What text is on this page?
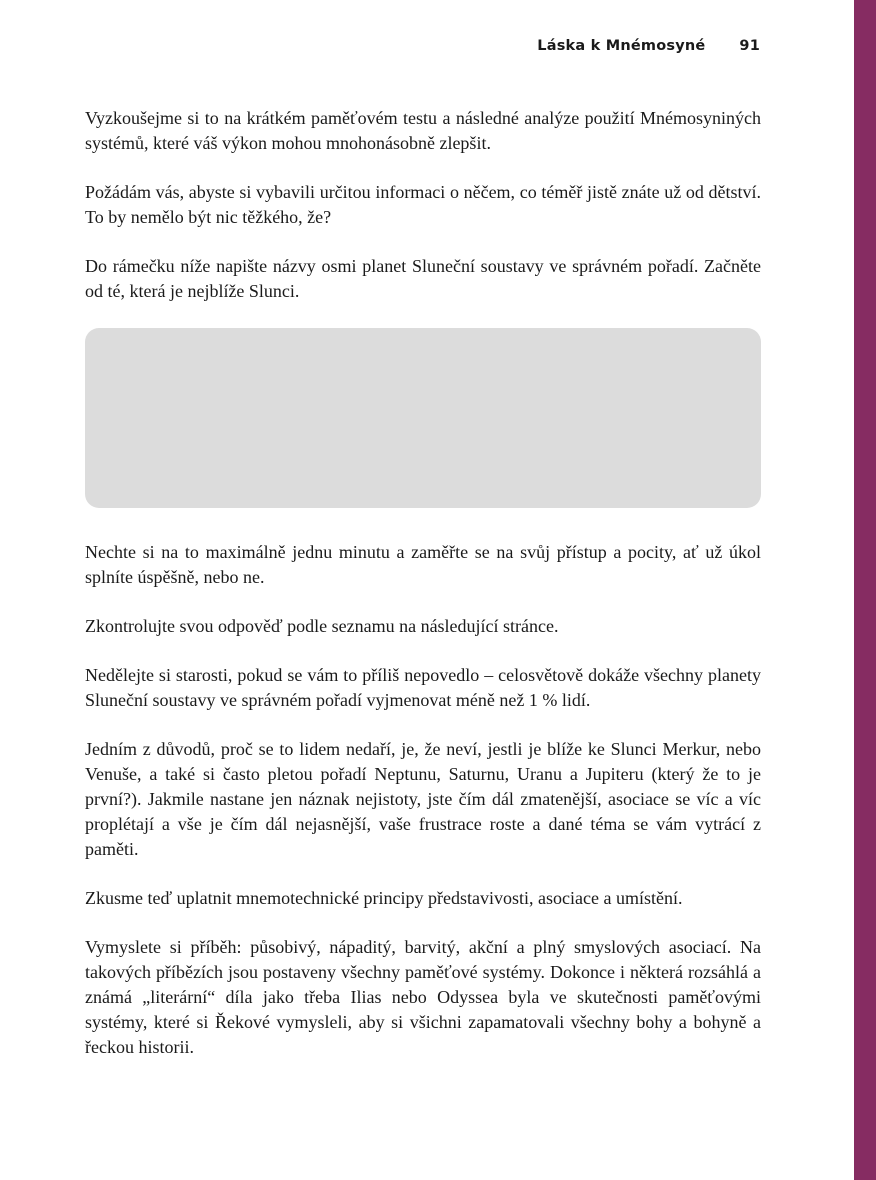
Láska k Mnémosyné 91

Vyzkoušejme si to na krátkém paměťovém testu a následné analýze použití Mnémosyniných systémů, které váš výkon mohou mnohonásobně zlepšit.

Požádám vás, abyste si vybavili určitou informaci o něčem, co téměř jistě znáte už od dětství. To by nemělo být nic těžkého, že?

Do rámečku níže napište názvy osmi planet Sluneční soustavy ve správném pořadí. Začněte od té, která je nejblíže Slunci.

Nechte si na to maximálně jednu minutu a zaměřte se na svůj přístup a pocity, ať už úkol splníte úspěšně, nebo ne.

Zkontrolujte svou odpověď podle seznamu na následující stránce.

Nedělejte si starosti, pokud se vám to příliš nepovedlo – celosvětově dokáže všechny planety Sluneční soustavy ve správném pořadí vyjmenovat méně než 1 % lidí.

Jedním z důvodů, proč se to lidem nedaří, je, že neví, jestli je blíže ke Slunci Merkur, nebo Venuše, a také si často pletou pořadí Neptunu, Saturnu, Uranu a Jupiteru (který že to je první?). Jakmile nastane jen náznak nejistoty, jste čím dál zmatenější, asociace se víc a víc proplétají a vše je čím dál nejasnější, vaše frustrace roste a dané téma se vám vytrácí z paměti.

Zkusme teď uplatnit mnemotechnické principy představivosti, asociace a umístění.

Vymyslete si příběh: působivý, nápaditý, barvitý, akční a plný smyslových asociací. Na takových příbězích jsou postaveny všechny paměťové systémy. Dokonce i některá rozsáhlá a známá „literární“ díla jako třeba Ilias nebo Odyssea byla ve skutečnosti paměťovými systémy, které si Řekové vymysleli, aby si všichni zapamatovali všechny bohy a bohyně a řeckou historii.
